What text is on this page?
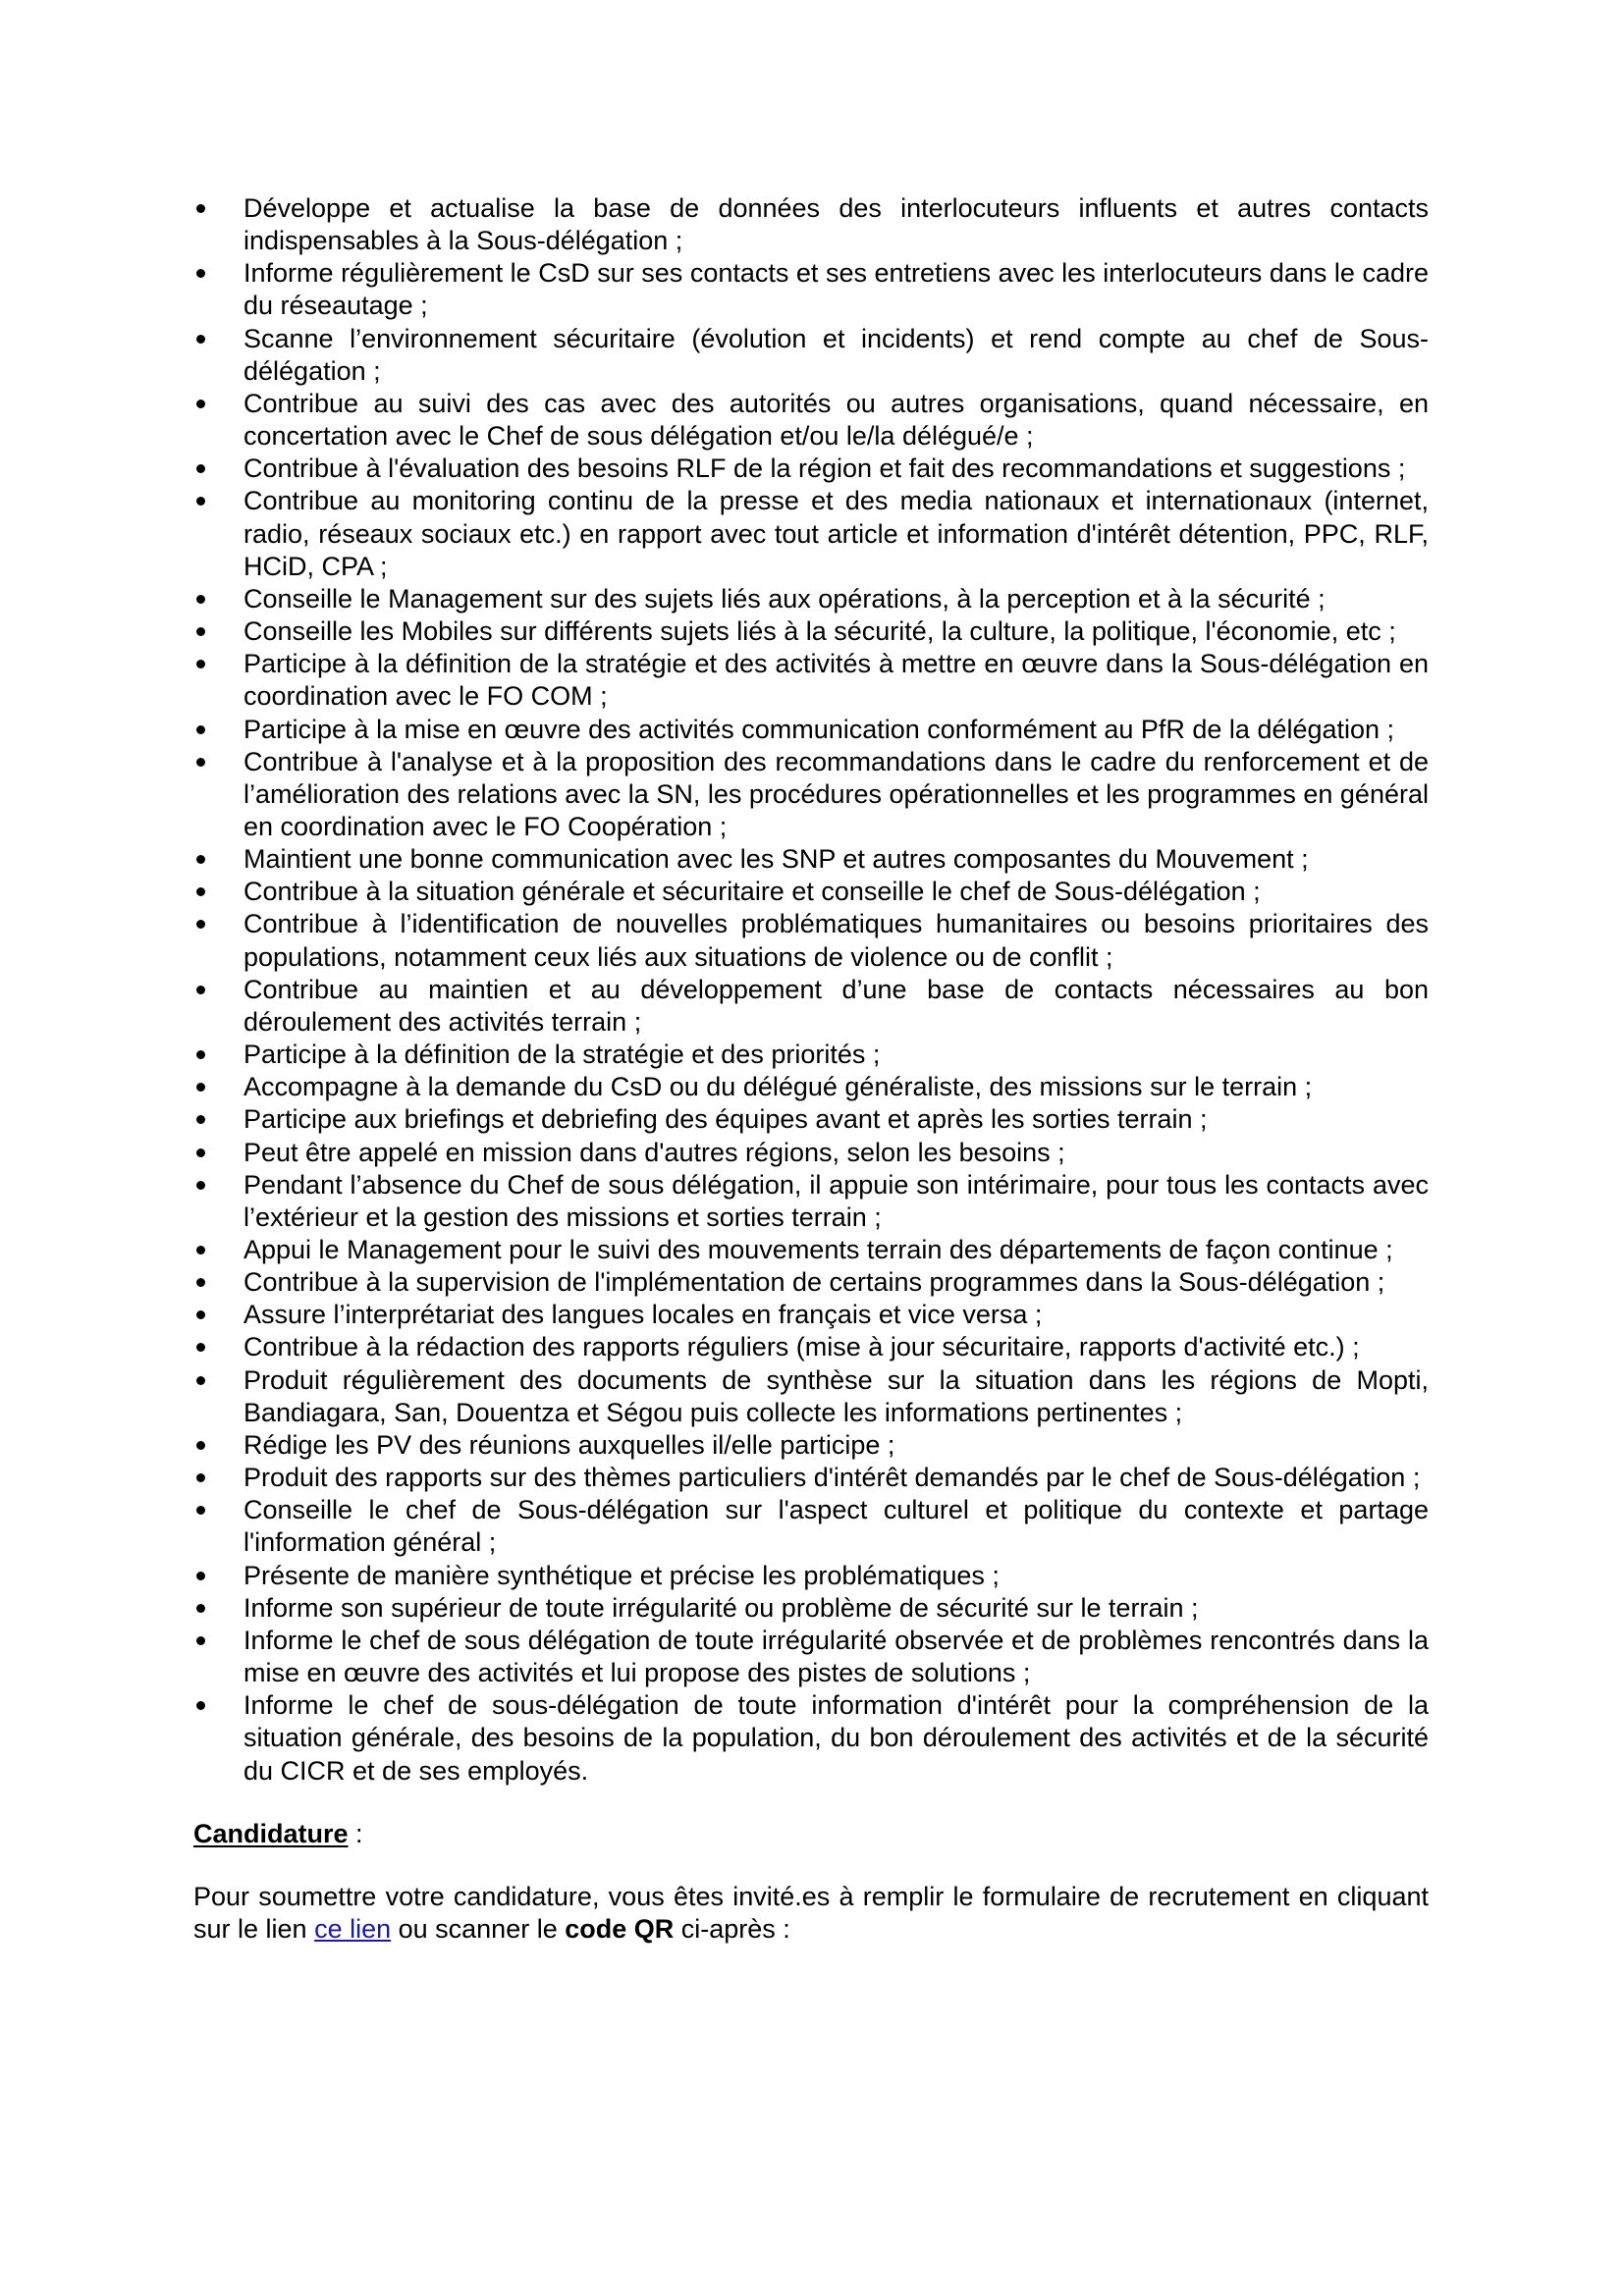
Développe et actualise la base de données des interlocuteurs influents et autres contacts indispensables à la Sous-délégation ;
Informe régulièrement le CsD sur ses contacts et ses entretiens avec les interlocuteurs dans le cadre du réseautage ;
Scanne l’environnement sécuritaire (évolution et incidents) et rend compte au chef de Sous-délégation ;
Contribue au suivi des cas avec des autorités ou autres organisations, quand nécessaire, en concertation avec le Chef de sous délégation et/ou le/la délégué/e ;
Contribue à l'évaluation des besoins RLF de la région et fait des recommandations et suggestions ;
Contribue au monitoring continu de la presse et des media nationaux et internationaux (internet, radio, réseaux sociaux etc.) en rapport avec tout article et information d'intérêt détention, PPC, RLF, HCiD, CPA ;
Conseille le Management sur des sujets liés aux opérations, à la perception et à la sécurité ;
Conseille les Mobiles sur différents sujets liés à la sécurité, la culture, la politique, l'économie, etc ;
Participe à la définition de la stratégie et des activités à mettre en œuvre dans la Sous-délégation en coordination avec le FO COM ;
Participe à la mise en œuvre des activités communication conformément au PfR de la délégation ;
Contribue à l'analyse et à la proposition des recommandations dans le cadre du renforcement et de l’amélioration des relations avec la SN, les procédures opérationnelles et les programmes en général en coordination avec le FO Coopération ;
Maintient une bonne communication avec les SNP et autres composantes du Mouvement ;
Contribue à la situation générale et sécuritaire et conseille le chef de Sous-délégation ;
Contribue à l’identification de nouvelles problématiques humanitaires ou besoins prioritaires des populations, notamment ceux liés aux situations de violence ou de conflit ;
Contribue au maintien et au développement d’une base de contacts nécessaires au bon déroulement des activités terrain ;
Participe à la définition de la stratégie et des priorités ;
Accompagne à la demande du CsD ou du délégué généraliste, des missions sur le terrain ;
Participe aux briefings et debriefing des équipes avant et après les sorties terrain ;
Peut être appelé en mission dans d'autres régions, selon les besoins ;
Pendant l’absence du Chef de sous délégation, il appuie son intérimaire, pour tous les contacts avec l’extérieur et la gestion des missions et sorties terrain ;
Appui le Management pour le suivi des mouvements terrain des départements de façon continue ;
Contribue à la supervision de l'implémentation de certains programmes dans la Sous-délégation ;
Assure l’interprétariat des langues locales en français et vice versa ;
Contribue à la rédaction des rapports réguliers (mise à jour sécuritaire, rapports d'activité etc.) ;
Produit régulièrement des documents de synthèse sur la situation dans les régions de Mopti, Bandiagara, San, Douentza et Ségou puis collecte les informations pertinentes ;
Rédige les PV des réunions auxquelles il/elle participe ;
Produit des rapports sur des thèmes particuliers d'intérêt demandés par le chef de Sous-délégation ;
Conseille le chef de Sous-délégation sur l'aspect culturel et politique du contexte et partage l'information général ;
Présente de manière synthétique et précise les problématiques ;
Informe son supérieur de toute irrégularité ou problème de sécurité sur le terrain ;
Informe le chef de sous délégation de toute irrégularité observée et de problèmes rencontrés dans la mise en œuvre des activités et lui propose des pistes de solutions ;
Informe le chef de sous-délégation de toute information d'intérêt pour la compréhension de la situation générale, des besoins de la population, du bon déroulement des activités et de la sécurité du CICR et de ses employés.

Candidature :

Pour soumettre votre candidature, vous êtes invité.es à remplir le formulaire de recrutement en cliquant sur le lien ce lien ou scanner le code QR ci-après :
